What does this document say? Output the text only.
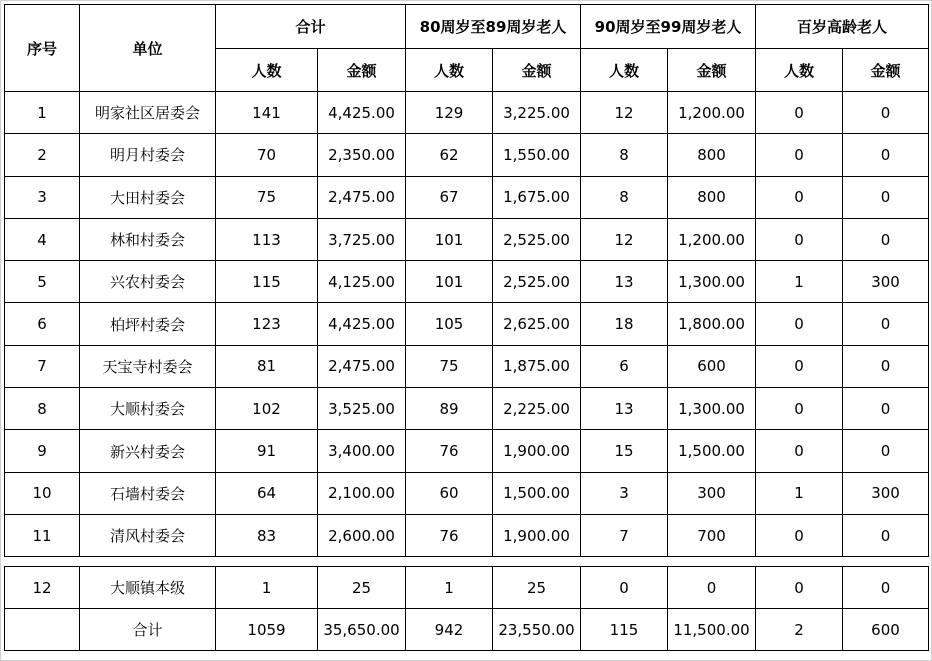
序号	单位	合计		80周岁至89周岁老人		90周岁至99周岁老人		百岁高龄老人	
		人数	金额	人数	金额	人数	金额	人数	金额
1	明家社区居委会	141	4,425.00	129	3,225.00	12	1,200.00	0	0
2	明月村委会	70	2,350.00	62	1,550.00	8	800	0	0
3	大田村委会	75	2,475.00	67	1,675.00	8	800	0	0
4	林和村委会	113	3,725.00	101	2,525.00	12	1,200.00	0	0
5	兴农村委会	115	4,125.00	101	2,525.00	13	1,300.00	1	300
6	柏坪村委会	123	4,425.00	105	2,625.00	18	1,800.00	0	0
7	天宝寺村委会	81	2,475.00	75	1,875.00	6	600	0	0
8	大顺村委会	102	3,525.00	89	2,225.00	13	1,300.00	0	0
9	新兴村委会	91	3,400.00	76	1,900.00	15	1,500.00	0	0
10	石墙村委会	64	2,100.00	60	1,500.00	3	300	1	300
11	清风村委会	83	2,600.00	76	1,900.00	7	700	0	0
12	大顺镇本级	1	25	1	25	0	0	0	0
	合计	1059	35,650.00	942	23,550.00	115	11,500.00	2	600
